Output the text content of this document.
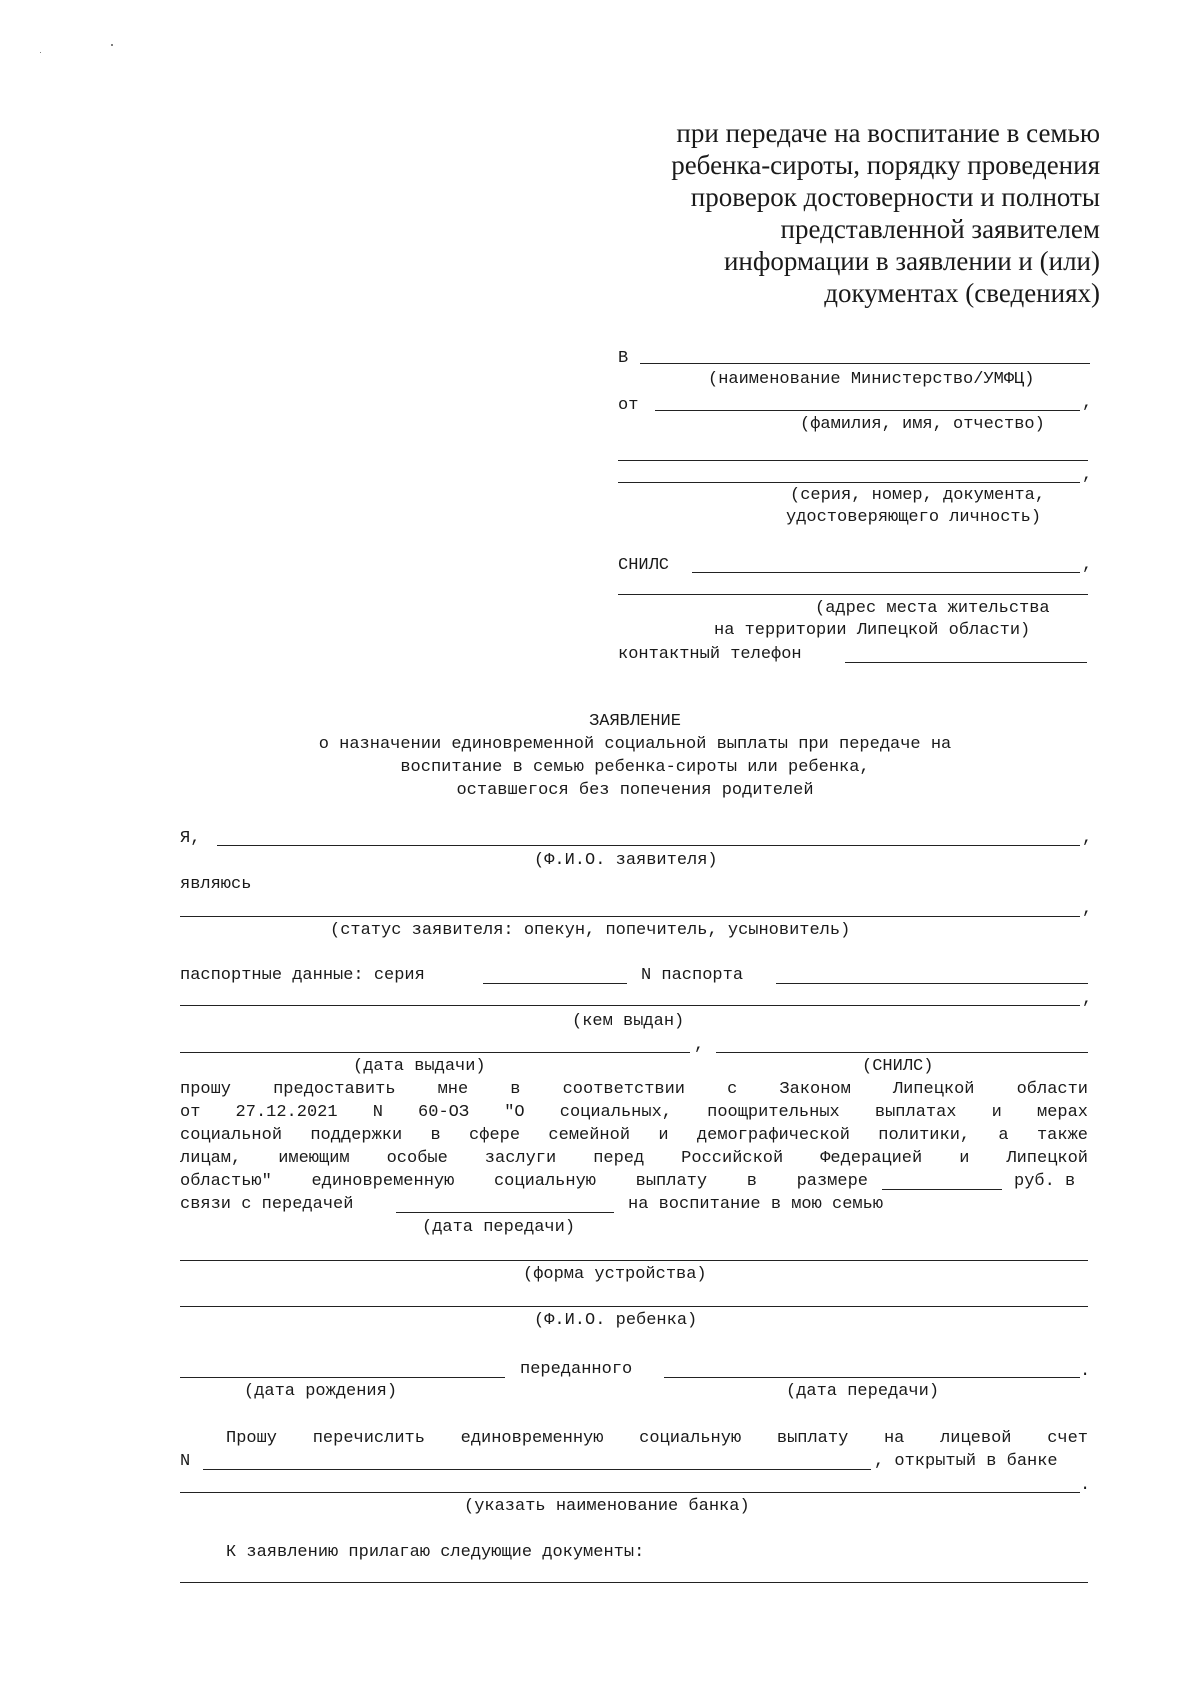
при передаче на воспитание в семью
ребенка-сироты, порядку проведения
проверок достоверности и полноты
представленной заявителем
информации в заявлении и (или)
документах (сведениях)
В
(наименование Министерство/УМФЦ)
от	,
(фамилия, имя, отчество)
,
(серия, номер, документа,
удостоверяющего личность)
СНИЛС	,
(адрес места жительства
на территории Липецкой области)
контактный телефон
ЗАЯВЛЕНИЕ
о назначении единовременной социальной выплаты при передаче на
воспитание в семью ребенка-сироты или ребенка,
оставшегося без попечения родителей
Я,	,
(Ф.И.О. заявителя)
являюсь
,
(статус заявителя: опекун, попечитель, усыновитель)
паспортные данные: серия	N паспорта
,
(кем выдан)
,
(дата выдачи)	(СНИЛС)
прошу предоставить мне в соответствии с Законом Липецкой области
от 27.12.2021 N 60-ОЗ "О социальных, поощрительных выплатах и мерах
социальной поддержки в сфере семейной и демографической политики, а также
лицам, имеющим особые заслуги перед Российской Федерацией и Липецкой
областью" единовременную социальную выплату в размере	руб. в
связи с передачей	на воспитание в мою семью
(дата передачи)
(форма устройства)
(Ф.И.О. ребенка)
переданного	.
(дата рождения)	(дата передачи)
Прошу перечислить единовременную социальную выплату на лицевой счет
N	, открытый в банке
.
(указать наименование банка)
К заявлению прилагаю следующие документы:
